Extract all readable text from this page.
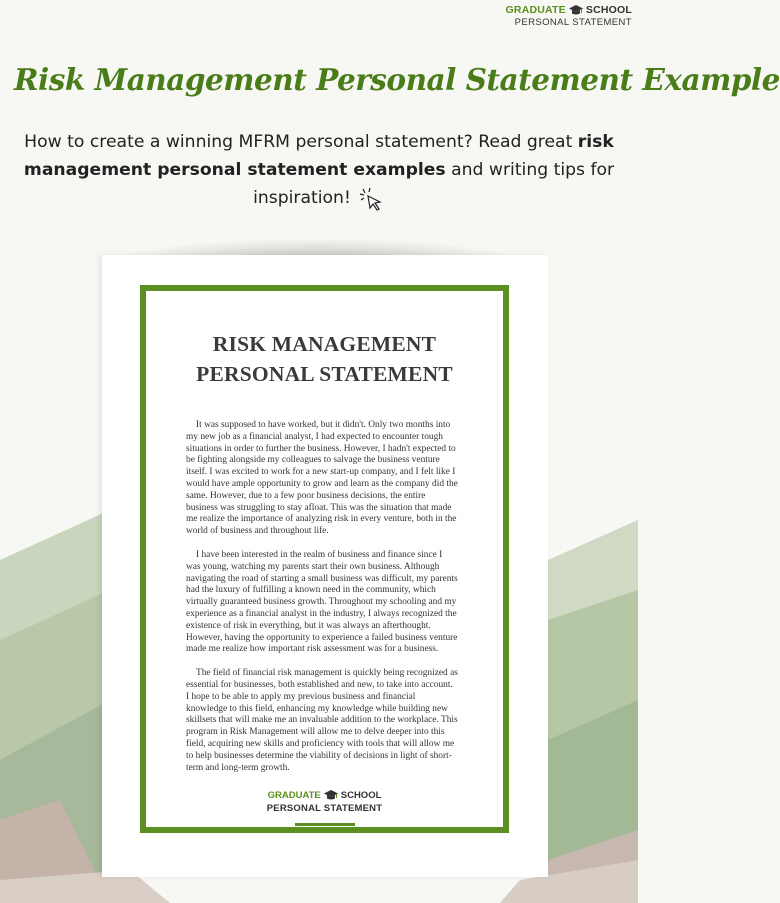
GRADUATE SCHOOL
PERSONAL STATEMENT
Risk Management Personal Statement Example
How to create a winning MFRM personal statement? Read great risk management personal statement examples and writing tips for inspiration!
RISK MANAGEMENT
PERSONAL STATEMENT

It was supposed to have worked, but it didn't. Only two months into my new job as a financial analyst, I had expected to encounter tough situations in order to further the business. However, I hadn't expected to be fighting alongside my colleagues to salvage the business venture itself. I was excited to work for a new start-up company, and I felt like I would have ample opportunity to grow and learn as the company did the same. However, due to a few poor business decisions, the entire business was struggling to stay afloat. This was the situation that made me realize the importance of analyzing risk in every venture, both in the world of business and throughout life.

I have been interested in the realm of business and finance since I was young, watching my parents start their own business. Although navigating the road of starting a small business was difficult, my parents had the luxury of fulfilling a known need in the community, which virtually guaranteed business growth. Throughout my schooling and my experience as a financial analyst in the industry, I always recognized the existence of risk in everything, but it was always an afterthought. However, having the opportunity to experience a failed business venture made me realize how important risk assessment was for a business.

The field of financial risk management is quickly being recognized as essential for businesses, both established and new, to take into account. I hope to be able to apply my previous business and financial knowledge to this field, enhancing my knowledge while building new skillsets that will make me an invaluable addition to the workplace. This program in Risk Management will allow me to delve deeper into this field, acquiring new skills and proficiency with tools that will allow me to help businesses determine the viability of decisions in light of short-term and long-term growth.

GRADUATE SCHOOL
PERSONAL STATEMENT
